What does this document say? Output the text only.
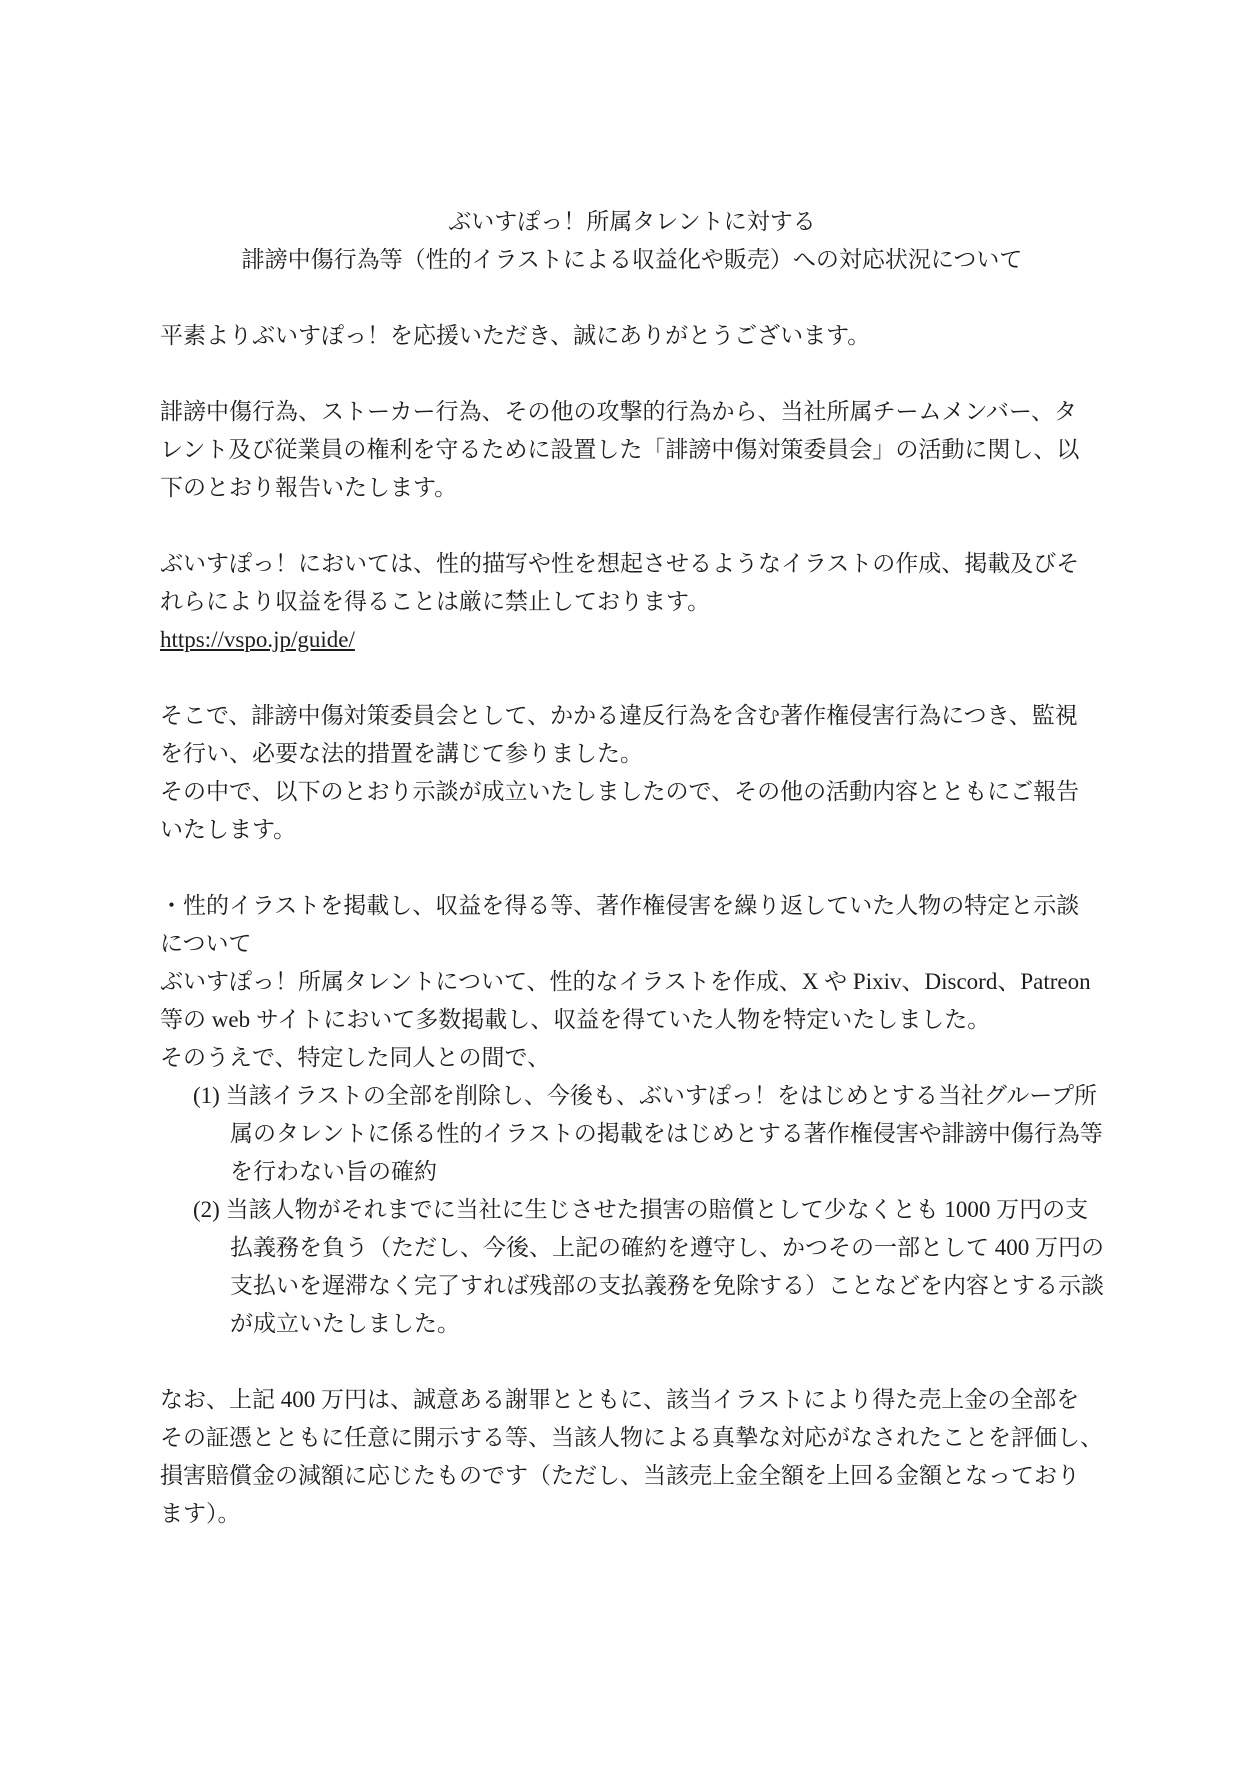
ぶいすぽっ！所属タレントに対する
誹謗中傷行為等（性的イラストによる収益化や販売）への対応状況について
平素よりぶいすぽっ！を応援いただき、誠にありがとうございます。
誹謗中傷行為、ストーカー行為、その他の攻撃的行為から、当社所属チームメンバー、タ
レント及び従業員の権利を守るために設置した「誹謗中傷対策委員会」の活動に関し、以
下のとおり報告いたします。
ぶいすぽっ！においては、性的描写や性を想起させるようなイラストの作成、掲載及びそ
れらにより収益を得ることは厳に禁止しております。
https://vspo.jp/guide/
そこで、誹謗中傷対策委員会として、かかる違反行為を含む著作権侵害行為につき、監視
を行い、必要な法的措置を講じて参りました。
その中で、以下のとおり示談が成立いたしましたので、その他の活動内容とともにご報告
いたします。
・性的イラストを掲載し、収益を得る等、著作権侵害を繰り返していた人物の特定と示談
について
ぶいすぽっ！所属タレントについて、性的なイラストを作成、X や Pixiv、Discord、Patreon
等の web サイトにおいて多数掲載し、収益を得ていた人物を特定いたしました。
そのうえで、特定した同人との間で、
(1) 当該イラストの全部を削除し、今後も、ぶいすぽっ！をはじめとする当社グループ所
属のタレントに係る性的イラストの掲載をはじめとする著作権侵害や誹謗中傷行為等
を行わない旨の確約
(2) 当該人物がそれまでに当社に生じさせた損害の賠償として少なくとも 1000 万円の支
払義務を負う（ただし、今後、上記の確約を遵守し、かつその一部として 400 万円の
支払いを遅滞なく完了すれば残部の支払義務を免除する）ことなどを内容とする示談
が成立いたしました。
なお、上記 400 万円は、誠意ある謝罪とともに、該当イラストにより得た売上金の全部を
その証憑とともに任意に開示する等、当該人物による真摯な対応がなされたことを評価し、
損害賠償金の減額に応じたものです（ただし、当該売上金全額を上回る金額となっており
ます）。
